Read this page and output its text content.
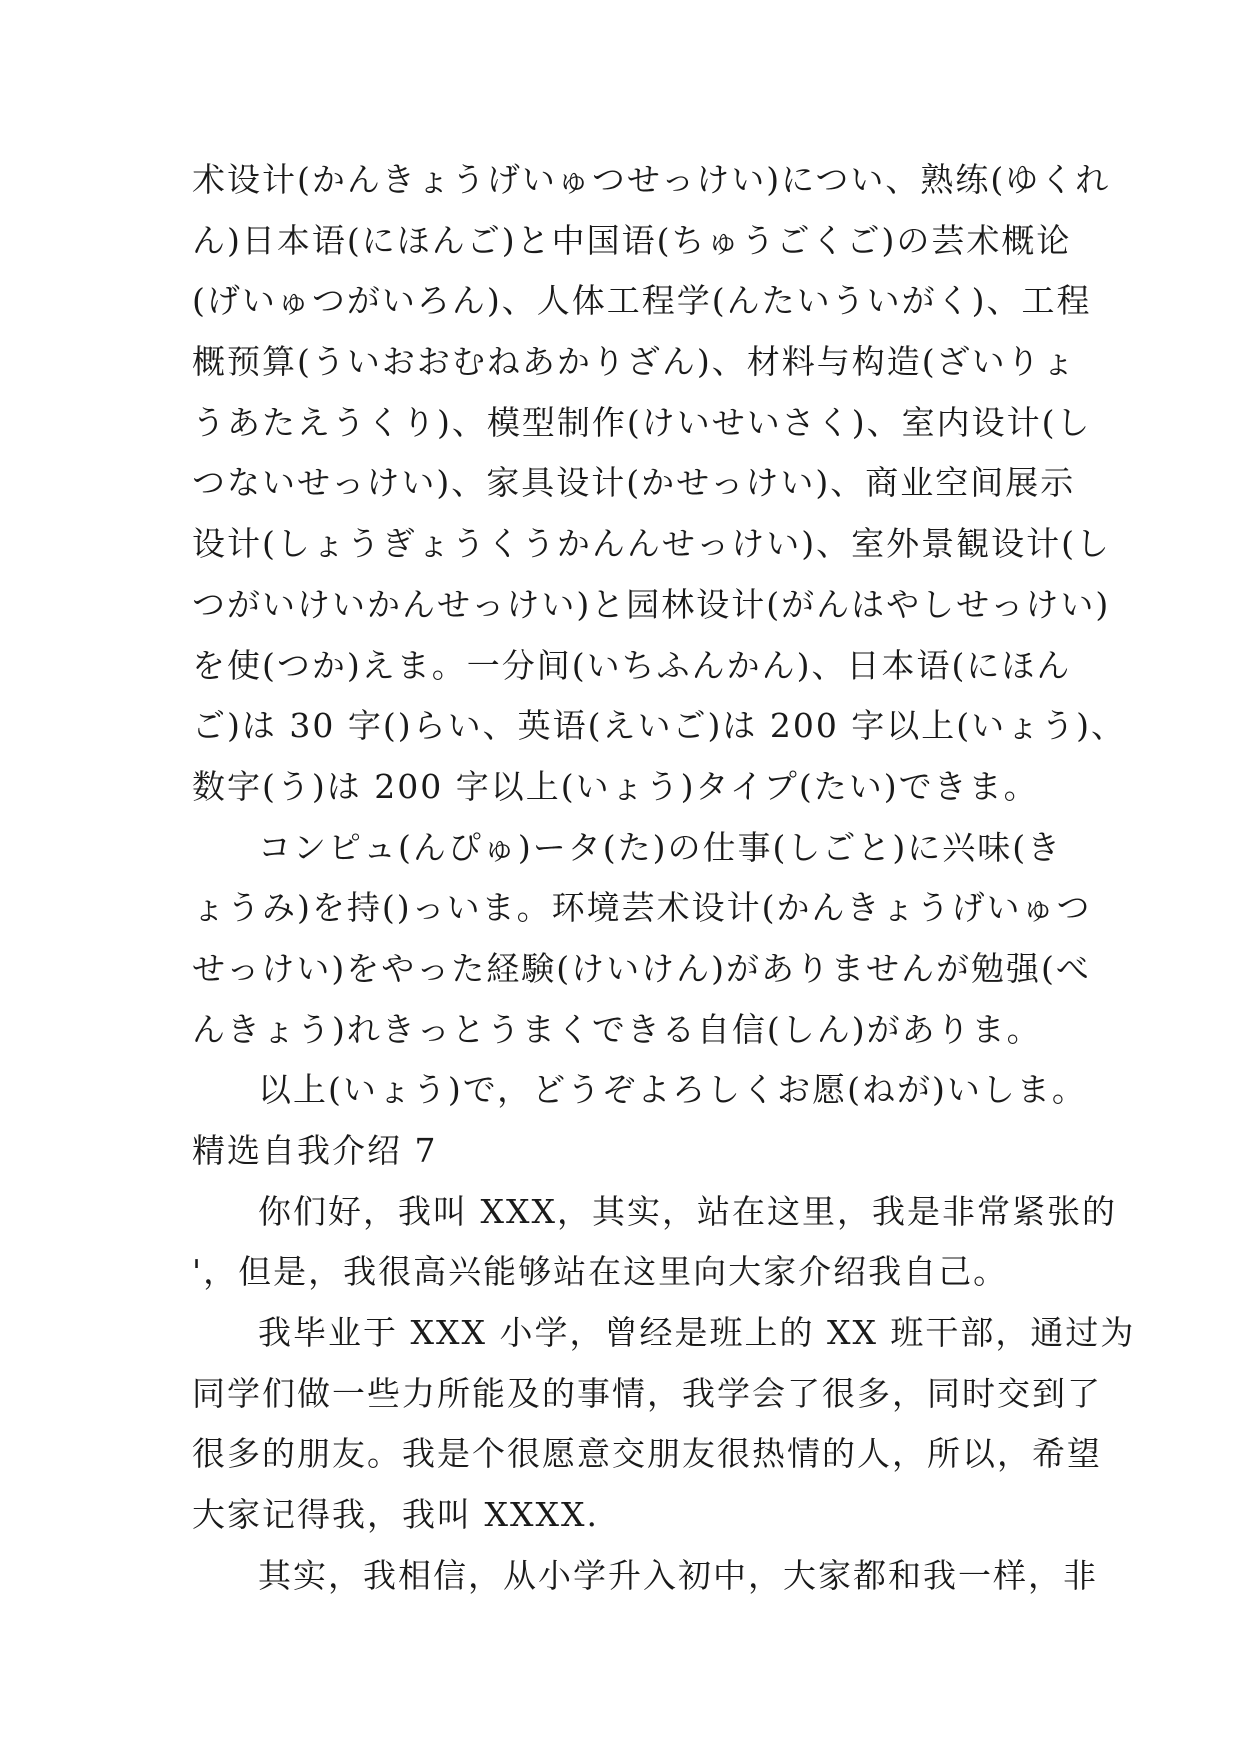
术设计(かんきょうげいゅつせっけい)につい、熟练(ゆくれ
ん)日本语(にほんご)と中国语(ちゅうごくご)の芸术概论
(げいゅつがいろん)、人体工程学(んたいういがく)、工程
概预算(ういおおむねあかりざん)、材料与构造(ざいりょ
うあたえうくり)、模型制作(けいせいさく)、室内设计(し
つないせっけい)、家具设计(かせっけい)、商业空间展示
设计(しょうぎょうくうかんんせっけい)、室外景観设计(し
つがいけいかんせっけい)と园林设计(がんはやしせっけい)
を使(つか)えま。一分间(いちふんかん)、日本语(にほん
ご)は 30 字()らい、英语(えいご)は 200 字以上(いょう)、
数字(う)は 200 字以上(いょう)タイプ(たい)できま。
コンピュ(んぴゅ)ータ(た)の仕事(しごと)に兴味(き
ょうみ)を持()っいま。环境芸术设计(かんきょうげいゅつ
せっけい)をやった経験(けいけん)がありませんが勉强(べ
んきょう)れきっとうまくできる自信(しん)がありま。
以上(いょう)で，どうぞよろしくお愿(ねが)いしま。
精选自我介绍 7
你们好，我叫 XXX，其实，站在这里，我是非常紧张的
'，但是，我很高兴能够站在这里向大家介绍我自己。
我毕业于 XXX 小学，曾经是班上的 XX 班干部，通过为
同学们做一些力所能及的事情，我学会了很多，同时交到了
很多的朋友。我是个很愿意交朋友很热情的人，所以，希望
大家记得我，我叫 XXXX.
其实，我相信，从小学升入初中，大家都和我一样，非
